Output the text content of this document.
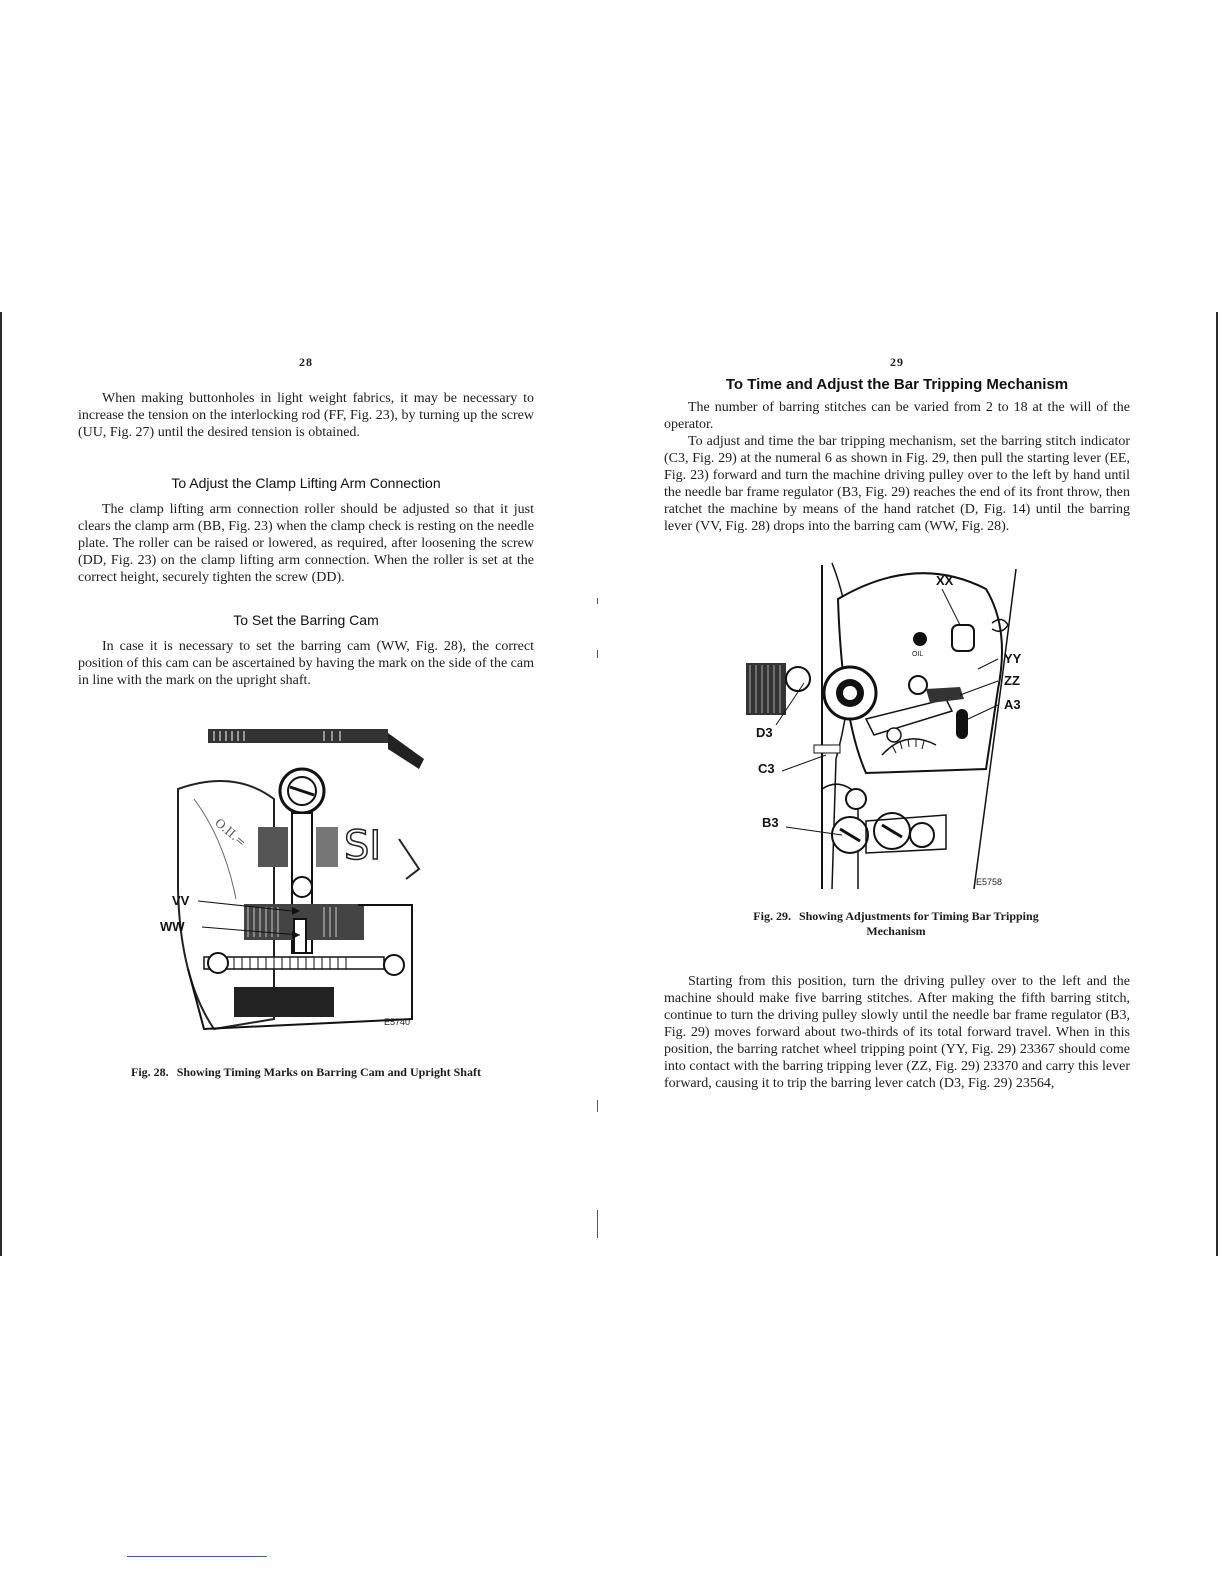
28

When making buttonholes in light weight fabrics, it may be necessary to increase the tension on the interlocking rod (FF, Fig. 23), by turning up the screw (UU, Fig. 27) until the desired tension is obtained.

To Adjust the Clamp Lifting Arm Connection

The clamp lifting arm connection roller should be adjusted so that it just clears the clamp arm (BB, Fig. 23) when the clamp check is resting on the needle plate. The roller can be raised or lowered, as required, after loosening the screw (DD, Fig. 23) on the clamp lifting arm connection. When the roller is set at the correct height, securely tighten the screw (DD).

To Set the Barring Cam

In case it is necessary to set the barring cam (WW, Fig. 28), the correct position of this cam can be ascertained by having the mark on the side of the cam in line with the mark on the upright shaft.

O.II.= SI
VV
WW
E5740
Fig. 28. Showing Timing Marks on Barring Cam and Upright Shaft
29
To Time and Adjust the Bar Tripping Mechanism

The number of barring stitches can be varied from 2 to 18 at the will of the operator.

To adjust and time the bar tripping mechanism, set the barring stitch indicator (C3, Fig. 29) at the numeral 6 as shown in Fig. 29, then pull the starting lever (EE, Fig. 23) forward and turn the machine driving pulley over to the left by hand until the needle bar frame regulator (B3, Fig. 29) reaches the end of its front throw, then ratchet the machine by means of the hand ratchet (D, Fig. 14) until the barring lever (VV, Fig. 28) drops into the barring cam (WW, Fig. 28).

XX
YY
ZZ
A3
D3
C3
B3
OIL
E5758
Fig. 29. Showing Adjustments for Timing Bar Tripping Mechanism

Starting from this position, turn the driving pulley over to the left and the machine should make five barring stitches. After making the fifth barring stitch, continue to turn the driving pulley slowly until the needle bar frame regulator (B3, Fig. 29) moves forward about two-thirds of its total forward travel. When in this position, the barring ratchet wheel tripping point (YY, Fig. 29) 23367 should come into contact with the barring tripping lever (ZZ, Fig. 29) 23370 and carry this lever forward, causing it to trip the barring lever catch (D3, Fig. 29) 23564,
